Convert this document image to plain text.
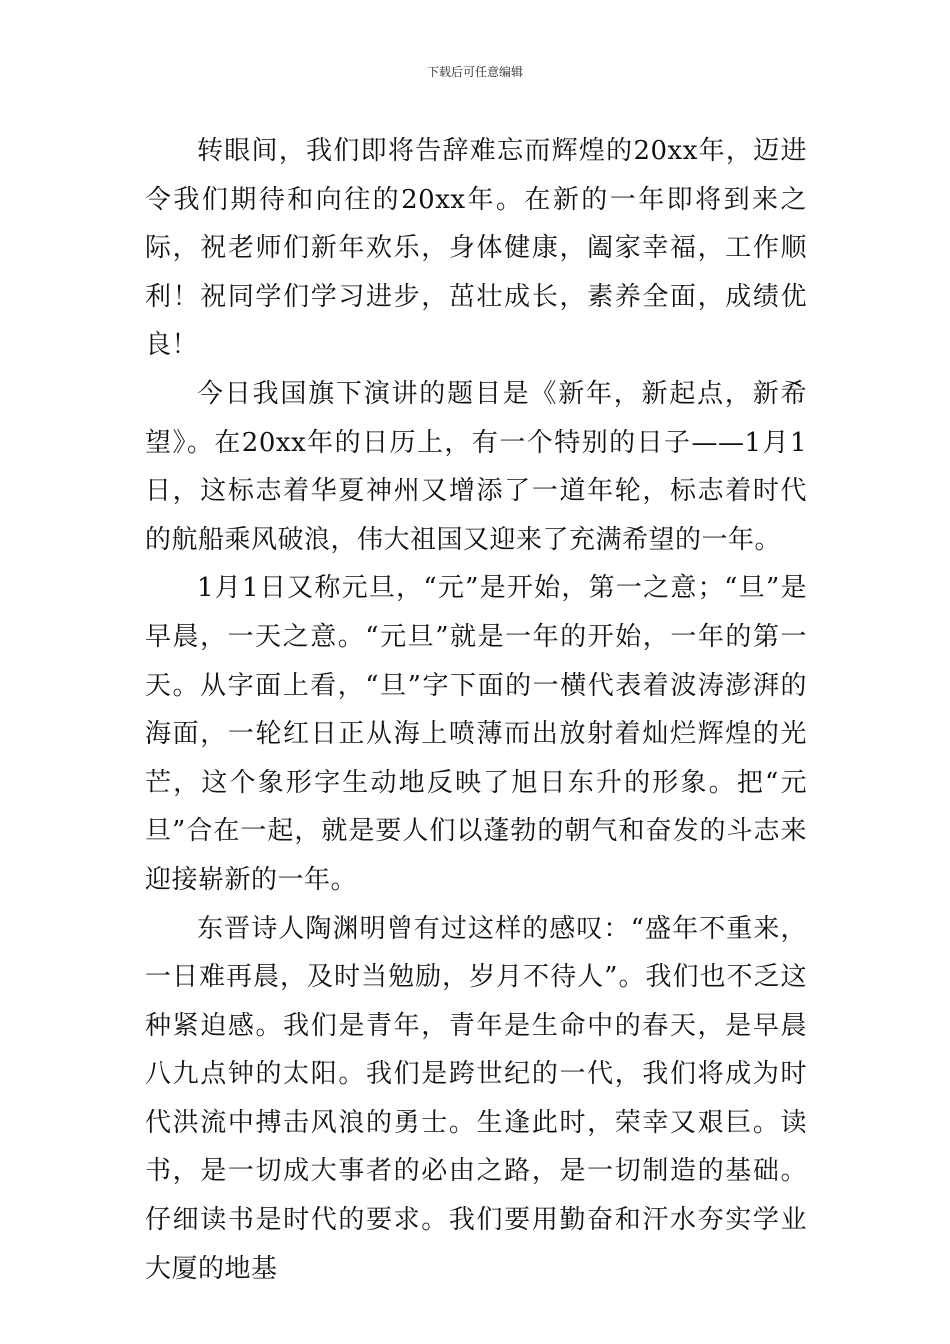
下载后可任意编辑

转眼间，我们即将告辞难忘而辉煌的20xx年，迈进令我们期待和向往的20xx年。在新的一年即将到来之际，祝老师们新年欢乐，身体健康，阖家幸福，工作顺利！祝同学们学习进步，茁壮成长，素养全面，成绩优良！

今日我国旗下演讲的题目是《新年，新起点，新希望》。在20xx年的日历上，有一个特别的日子——1月1日，这标志着华夏神州又增添了一道年轮，标志着时代的航船乘风破浪，伟大祖国又迎来了充满希望的一年。

1月1日又称元旦，“元”是开始，第一之意；“旦”是早晨，一天之意。“元旦”就是一年的开始，一年的第一天。从字面上看，“旦”字下面的一横代表着波涛澎湃的海面，一轮红日正从海上喷薄而出放射着灿烂辉煌的光芒，这个象形字生动地反映了旭日东升的形象。把“元旦”合在一起，就是要人们以蓬勃的朝气和奋发的斗志来迎接崭新的一年。

东晋诗人陶渊明曾有过这样的感叹：“盛年不重来，一日难再晨，及时当勉励，岁月不待人”。我们也不乏这种紧迫感。我们是青年，青年是生命中的春天，是早晨八九点钟的太阳。我们是跨世纪的一代，我们将成为时代洪流中搏击风浪的勇士。生逢此时，荣幸又艰巨。读书，是一切成大事者的必由之路，是一切制造的基础。仔细读书是时代的要求。我们要用勤奋和汗水夯实学业大厦的地基
